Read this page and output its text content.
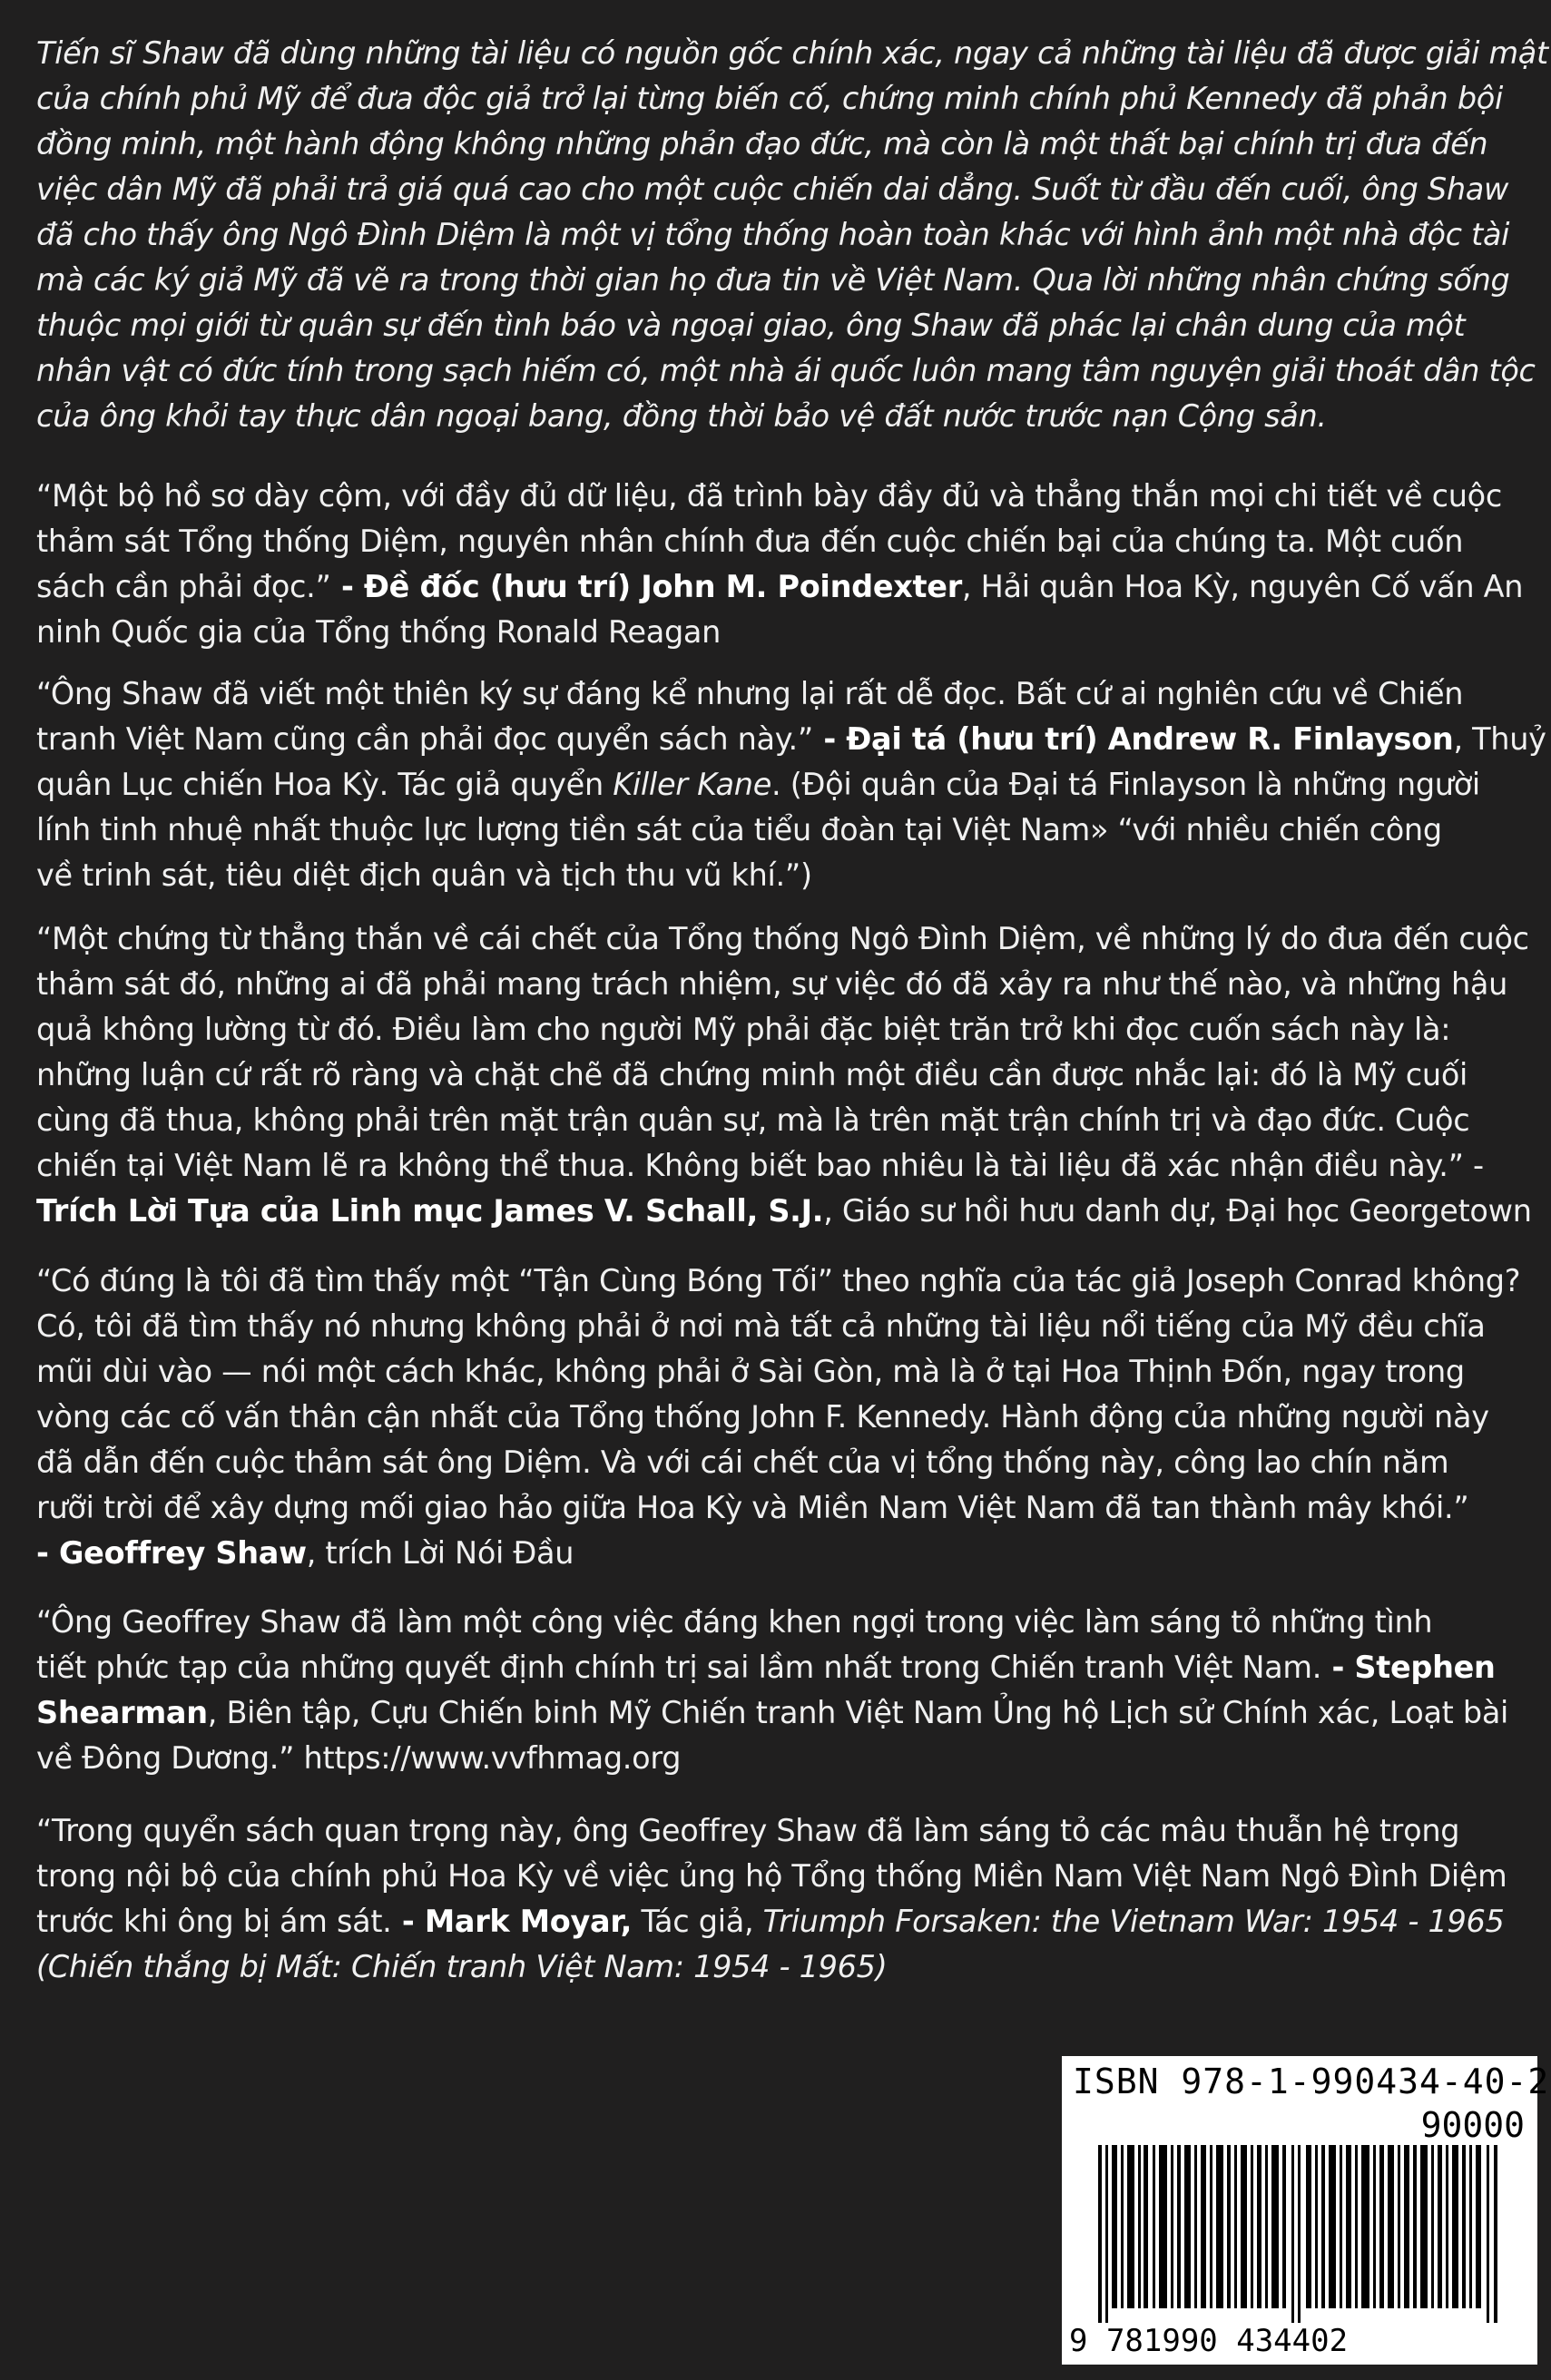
Tiến sĩ Shaw đã dùng những tài liệu có nguồn gốc chính xác, ngay cả những tài liệu đã được giải mật
của chính phủ Mỹ để đưa độc giả trở lại từng biến cố, chứng minh chính phủ Kennedy đã phản bội
đồng minh, một hành động không những phản đạo đức, mà còn là một thất bại chính trị đưa đến
việc dân Mỹ đã phải trả giá quá cao cho một cuộc chiến dai dẳng. Suốt từ đầu đến cuối, ông Shaw
đã cho thấy ông Ngô Đình Diệm là một vị tổng thống hoàn toàn khác với hình ảnh một nhà độc tài
mà các ký giả Mỹ đã vẽ ra trong thời gian họ đưa tin về Việt Nam. Qua lời những nhân chứng sống
thuộc mọi giới từ quân sự đến tình báo và ngoại giao, ông Shaw đã phác lại chân dung của một
nhân vật có đức tính trong sạch hiếm có, một nhà ái quốc luôn mang tâm nguyện giải thoát dân tộc
của ông khỏi tay thực dân ngoại bang, đồng thời bảo vệ đất nước trước nạn Cộng sản.
“Một bộ hồ sơ dày cộm, với đầy đủ dữ liệu, đã trình bày đầy đủ và thẳng thắn mọi chi tiết về cuộc
thảm sát Tổng thống Diệm, nguyên nhân chính đưa đến cuộc chiến bại của chúng ta. Một cuốn
sách cần phải đọc.” - Đề đốc (hưu trí) John M. Poindexter, Hải quân Hoa Kỳ, nguyên Cố vấn An
ninh Quốc gia của Tổng thống Ronald Reagan
“Ông Shaw đã viết một thiên ký sự đáng kể nhưng lại rất dễ đọc. Bất cứ ai nghiên cứu về Chiến
tranh Việt Nam cũng cần phải đọc quyển sách này.” - Đại tá (hưu trí) Andrew R. Finlayson, Thuỷ
quân Lục chiến Hoa Kỳ. Tác giả quyển Killer Kane. (Đội quân của Đại tá Finlayson là những người
lính tinh nhuệ nhất thuộc lực lượng tiền sát của tiểu đoàn tại Việt Nam» “với nhiều chiến công
về trinh sát, tiêu diệt địch quân và tịch thu vũ khí.”)
“Một chứng từ thẳng thắn về cái chết của Tổng thống Ngô Đình Diệm, về những lý do đưa đến cuộc
thảm sát đó, những ai đã phải mang trách nhiệm, sự việc đó đã xảy ra như thế nào, và những hậu
quả không lường từ đó. Điều làm cho người Mỹ phải đặc biệt trăn trở khi đọc cuốn sách này là:
những luận cứ rất rõ ràng và chặt chẽ đã chứng minh một điều cần được nhắc lại: đó là Mỹ cuối
cùng đã thua, không phải trên mặt trận quân sự, mà là trên mặt trận chính trị và đạo đức. Cuộc
chiến tại Việt Nam lẽ ra không thể thua. Không biết bao nhiêu là tài liệu đã xác nhận điều này.” -
Trích Lời Tựa của Linh mục James V. Schall, S.J., Giáo sư hồi hưu danh dự, Đại học Georgetown
“Có đúng là tôi đã tìm thấy một “Tận Cùng Bóng Tối” theo nghĩa của tác giả Joseph Conrad không?
Có, tôi đã tìm thấy nó nhưng không phải ở nơi mà tất cả những tài liệu nổi tiếng của Mỹ đều chĩa
mũi dùi vào — nói một cách khác, không phải ở Sài Gòn, mà là ở tại Hoa Thịnh Đốn, ngay trong
vòng các cố vấn thân cận nhất của Tổng thống John F. Kennedy. Hành động của những người này
đã dẫn đến cuộc thảm sát ông Diệm. Và với cái chết của vị tổng thống này, công lao chín năm
rưỡi trời để xây dựng mối giao hảo giữa Hoa Kỳ và Miền Nam Việt Nam đã tan thành mây khói.”
- Geoffrey Shaw, trích Lời Nói Đầu
“Ông Geoffrey Shaw đã làm một công việc đáng khen ngợi trong việc làm sáng tỏ những tình
tiết phức tạp của những quyết định chính trị sai lầm nhất trong Chiến tranh Việt Nam. - Stephen
Shearman, Biên tập, Cựu Chiến binh Mỹ Chiến tranh Việt Nam Ủng hộ Lịch sử Chính xác, Loạt bài
về Đông Dương.” https://www.vvfhmag.org
“Trong quyển sách quan trọng này, ông Geoffrey Shaw đã làm sáng tỏ các mâu thuẫn hệ trọng
trong nội bộ của chính phủ Hoa Kỳ về việc ủng hộ Tổng thống Miền Nam Việt Nam Ngô Đình Diệm
trước khi ông bị ám sát. - Mark Moyar, Tác giả, Triumph Forsaken: the Vietnam War: 1954 - 1965
(Chiến thắng bị Mất: Chiến tranh Việt Nam: 1954 - 1965)
ISBN 978-1-990434-40-2
90000
9 781990 434402
